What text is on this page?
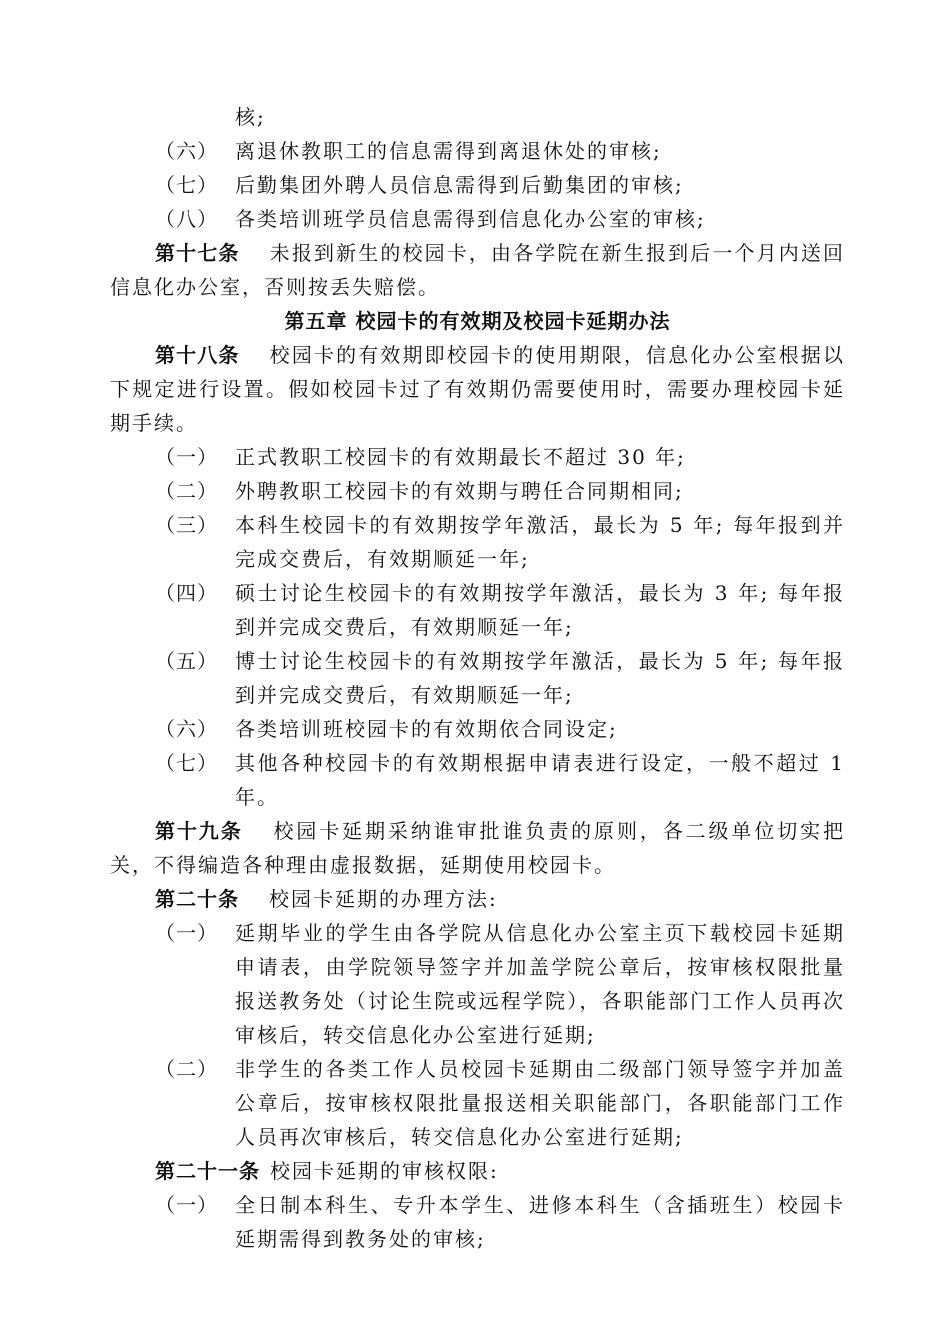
核;

（六） 离退休教职工的信息需得到离退休处的审核;
（七） 后勤集团外聘人员信息需得到后勤集团的审核;
（八） 各类培训班学员信息需得到信息化办公室的审核;

第十七条 未报到新生的校园卡，由各学院在新生报到后一个月内送回信息化办公室，否则按丢失赔偿。

第五章 校园卡的有效期及校园卡延期办法

第十八条 校园卡的有效期即校园卡的使用期限，信息化办公室根据以下规定进行设置。假如校园卡过了有效期仍需要使用时，需要办理校园卡延期手续。

（一） 正式教职工校园卡的有效期最长不超过 30 年;
（二） 外聘教职工校园卡的有效期与聘任合同期相同;
（三） 本科生校园卡的有效期按学年激活，最长为 5 年; 每年报到并完成交费后，有效期顺延一年;
（四） 硕士讨论生校园卡的有效期按学年激活，最长为 3 年; 每年报到并完成交费后，有效期顺延一年;
（五） 博士讨论生校园卡的有效期按学年激活，最长为 5 年; 每年报到并完成交费后，有效期顺延一年;
（六） 各类培训班校园卡的有效期依合同设定;
（七） 其他各种校园卡的有效期根据申请表进行设定，一般不超过 1 年。

第十九条 校园卡延期采纳谁审批谁负责的原则，各二级单位切实把关，不得编造各种理由虚报数据，延期使用校园卡。

第二十条 校园卡延期的办理方法:

（一） 延期毕业的学生由各学院从信息化办公室主页下载校园卡延期申请表，由学院领导签字并加盖学院公章后，按审核权限批量报送教务处（讨论生院或远程学院），各职能部门工作人员再次审核后，转交信息化办公室进行延期;
（二） 非学生的各类工作人员校园卡延期由二级部门领导签字并加盖公章后，按审核权限批量报送相关职能部门，各职能部门工作人员再次审核后，转交信息化办公室进行延期;

第二十一条 校园卡延期的审核权限:

（一） 全日制本科生、专升本学生、进修本科生（含插班生）校园卡延期需得到教务处的审核;
